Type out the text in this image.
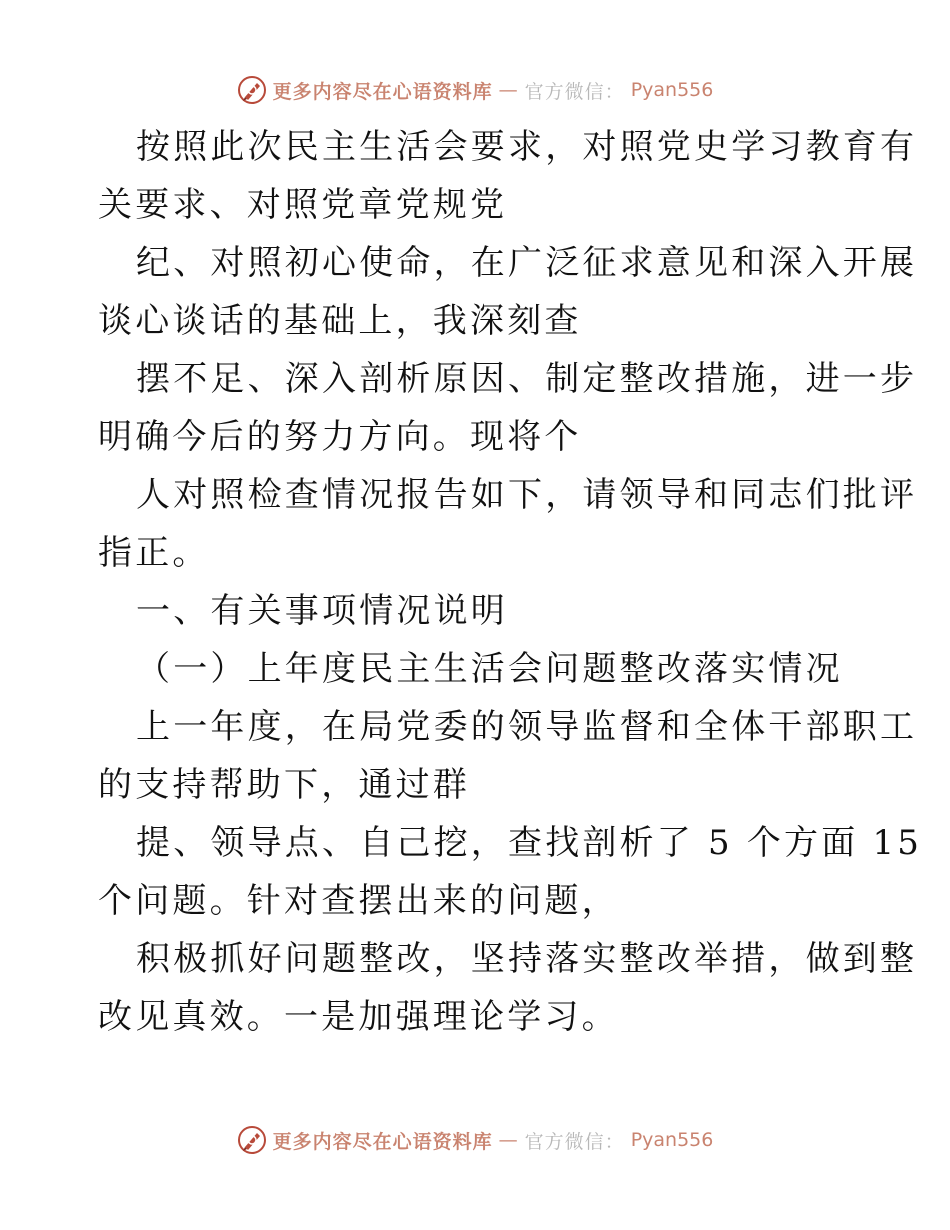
更多内容尽在心语资料库 — 官方微信： Pyan556
按照此次民主生活会要求，对照党史学习教育有
关要求、对照党章党规党
纪、对照初心使命，在广泛征求意见和深入开展
谈心谈话的基础上，我深刻查
摆不足、深入剖析原因、制定整改措施，进一步
明确今后的努力方向。现将个
人对照检查情况报告如下，请领导和同志们批评
指正。
一、有关事项情况说明
（一）上年度民主生活会问题整改落实情况
上一年度，在局党委的领导监督和全体干部职工
的支持帮助下，通过群
提、领导点、自己挖，查找剖析了 5 个方面 15
个问题。针对查摆出来的问题，
积极抓好问题整改，坚持落实整改举措，做到整
改见真效。一是加强理论学习。
更多内容尽在心语资料库 — 官方微信： Pyan556
